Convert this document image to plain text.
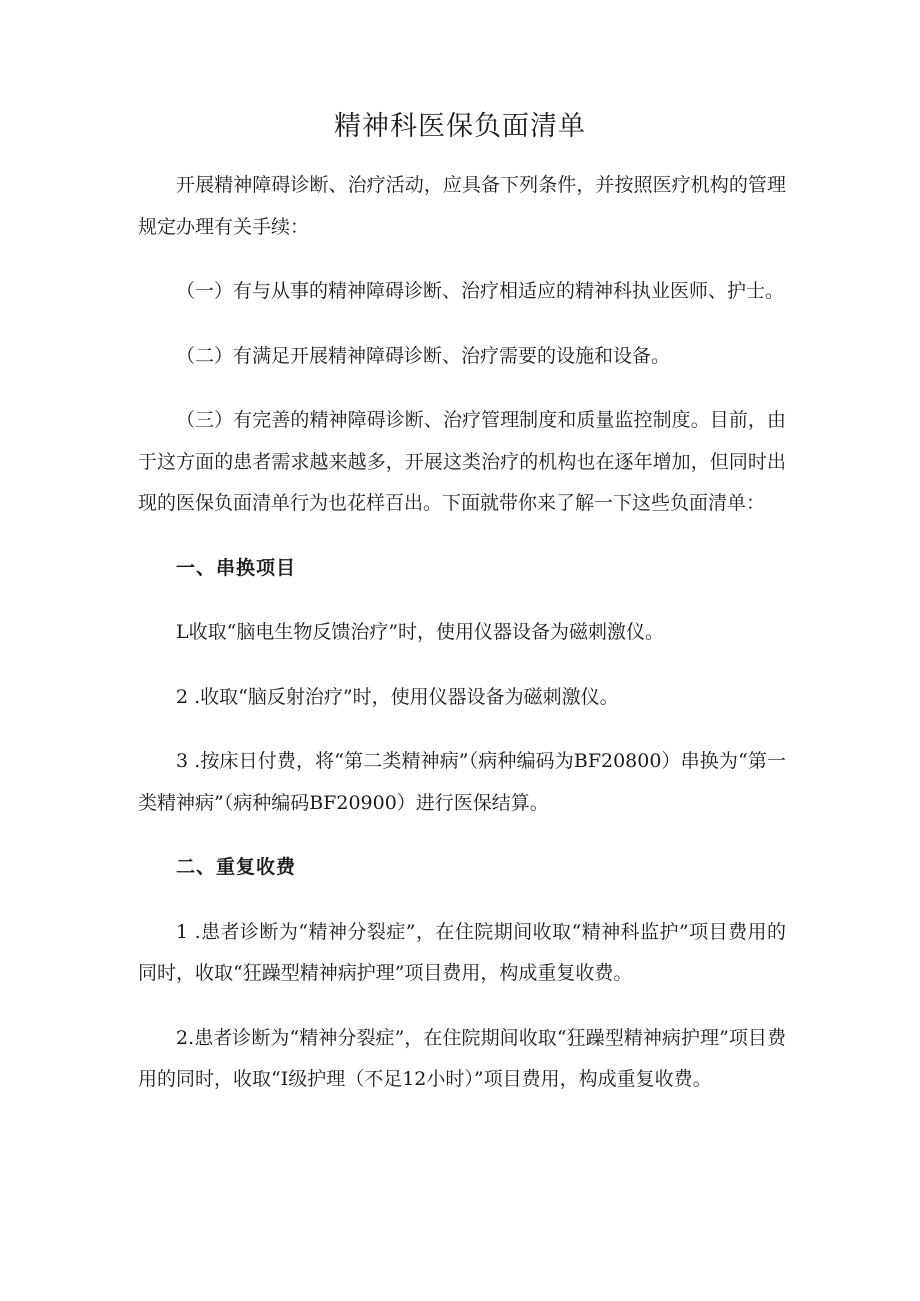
精神科医保负面清单

开展精神障碍诊断、治疗活动，应具备下列条件，并按照医疗机构的管理规定办理有关手续：

（一）有与从事的精神障碍诊断、治疗相适应的精神科执业医师、护士。

（二）有满足开展精神障碍诊断、治疗需要的设施和设备。

（三）有完善的精神障碍诊断、治疗管理制度和质量监控制度。目前，由于这方面的患者需求越来越多，开展这类治疗的机构也在逐年增加，但同时出现的医保负面清单行为也花样百出。下面就带你来了解一下这些负面清单：

一、串换项目

L收取“脑电生物反馈治疗”时，使用仪器设备为磁刺激仪。

2 .收取“脑反射治疗”时，使用仪器设备为磁刺激仪。

3 .按床日付费，将“第二类精神病”（病种编码为BF20800）串换为“第一类精神病”（病种编码BF20900）进行医保结算。

二、重复收费

1 .患者诊断为“精神分裂症”，在住院期间收取“精神科监护”项目费用的同时，收取“狂躁型精神病护理”项目费用，构成重复收费。

2.患者诊断为“精神分裂症”，在住院期间收取“狂躁型精神病护理”项目费用的同时，收取“I级护理（不足12小时）”项目费用，构成重复收费。
